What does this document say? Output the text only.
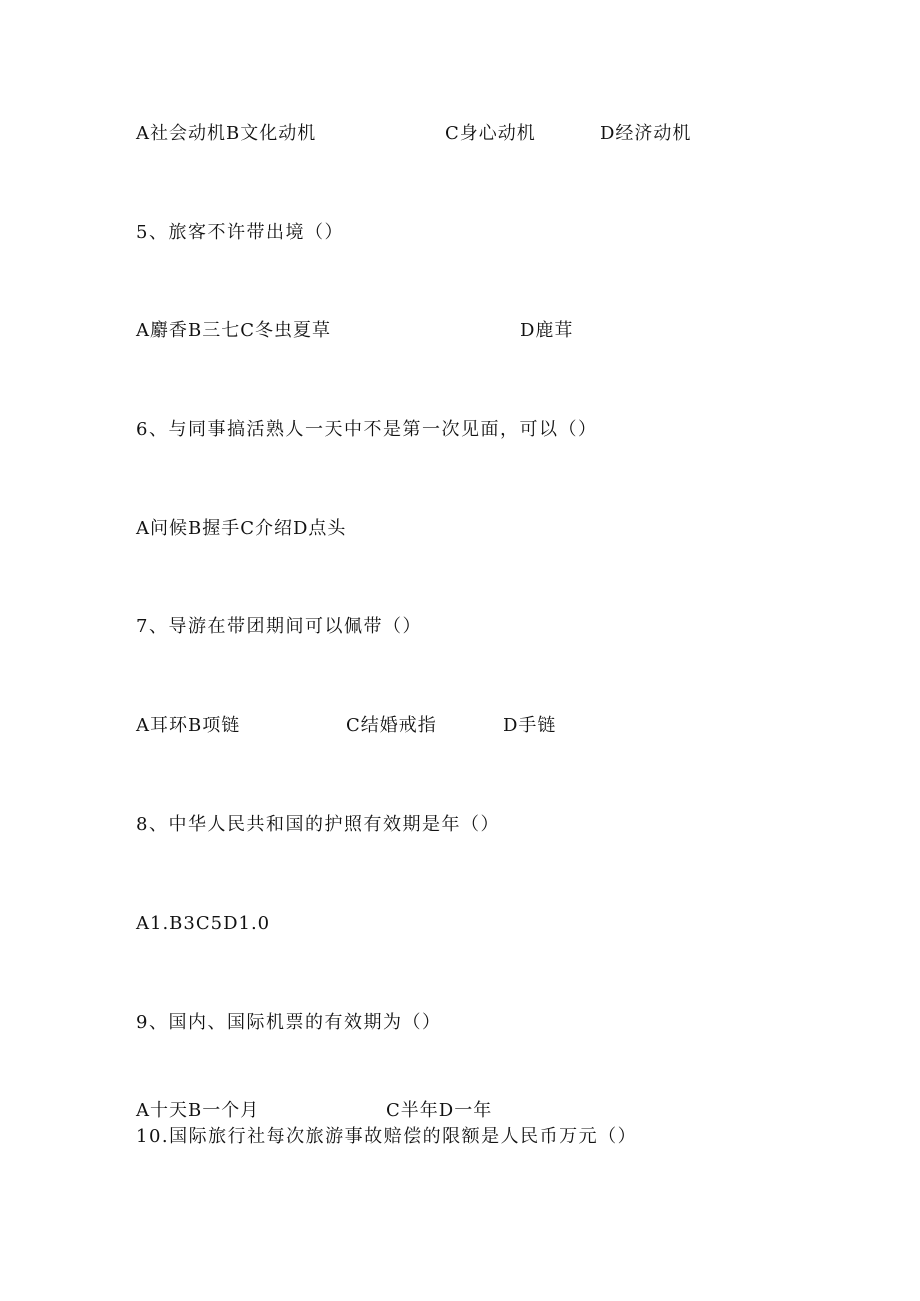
A社会动机B文化动机	C身心动机	D经济动机
5、旅客不许带出境（）
A麝香B三七C冬虫夏草	D鹿茸
6、与同事搞活熟人一天中不是第一次见面，可以（）
A问候B握手C介绍D点头
7、导游在带团期间可以佩带（）
A耳环B项链	C结婚戒指	D手链
8、中华人民共和国的护照有效期是年（）
A1.B3C5D1.0
9、国内、国际机票的有效期为（）
A十天B一个月	C半年D一年
10.国际旅行社每次旅游事故赔偿的限额是人民币万元（）
